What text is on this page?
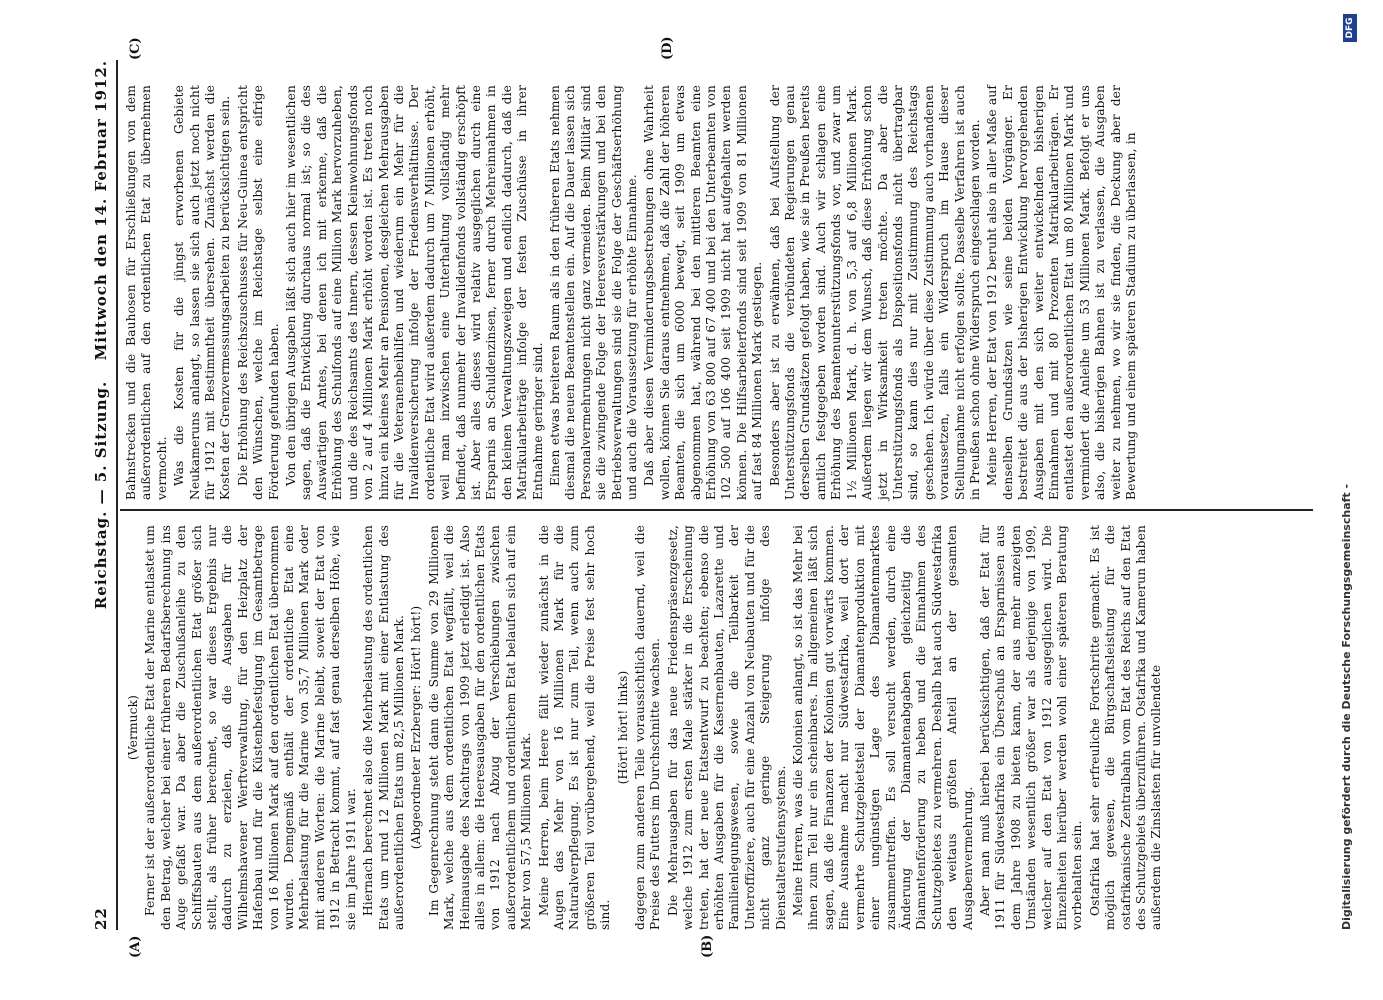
22
Reichstag. — 5. Sitzung.
Mittwoch den 14. Februar 1912.
(A)	(B)
(C)	(D)

(Vermuck) Ferner ist der außerordentliche Etat der Marine entlastet um den Betrag, welcher bei einer früheren Bedarfsberechnung ins Auge gefaßt war. Da aber die Zuschußanleihe zu den Schiffsbauten aus dem außerordentlichen Etat größer sich stellt, als früher berechnet, so war dieses Ergebnis nur dadurch zu erzielen, daß die Ausgaben für die Wilhelmshavener Werftverwaltung, für den Heizplatz der Hafenbau und für die Küstenbefestigung im Gesamtbetrage von 16 Millionen Mark auf den ordentlichen Etat übernommen wurden. Demgemäß enthält der ordentliche Etat eine Mehrbelastung für die Marine von 35,7 Millionen Mark oder mit anderen Worten: die Marine bleibt, soweit der Etat von 1912 in Betracht kommt, auf fast genau derselben Höhe, wie sie im Jahre 1911 war. Hiernach berechnet also die Mehrbelastung des ordentlichen Etats um rund 12 Millionen Mark mit einer Entlastung des außerordentlichen Etats um 82,5 Millionen Mark. (Abgeordneter Erzberger: Hört! hört!) Im Gegenrechnung steht dann die Summe von 29 Millionen Mark, welche aus dem ordentlichen Etat wegfällt, weil die Heimausgabe des Nachtrags von 1909 jetzt erledigt ist. Also alles in allem: die Heeresausgaben für den ordentlichen Etats von 1912 nach Abzug der Verschiebungen zwischen außerordentlichem und ordentlichem Etat belaufen sich auf ein Mehr von 57,5 Millionen Mark. Meine Herren, beim Heere fällt wieder zunächst in die Augen das Mehr von 16 Millionen Mark für die Naturalverpflegung. Es ist nur zum Teil, wenn auch zum größeren Teil vorübergehend, weil die Preise fest sehr hoch sind.

(Hört! hört! links) dagegen zum anderen Teile voraussichtlich dauernd, weil die Preise des Futters im Durchschnitte wachsen. Die Mehrausgaben für das neue Friedenspräsenzgesetz, welche 1912 zum ersten Male stärker in die Erscheinung treten, hat der neue Etatsentwurf zu beachten; ebenso die erhöhten Ausgaben für die Kasernenbauten, Lazarette und Familienlegungswesen, sowie die Teilbarkeit der Unteroffiziere, auch für eine Anzahl von Neubauten und für die nicht ganz geringe Steigerung infolge des Dienstalterstufensystems. Meine Herren, was die Kolonien anlangt, so ist das Mehr bei ihnen zum Teil nur ein scheinbares. Im allgemeinen läßt sich sagen, daß die Finanzen der Kolonien gut vorwärts kommen. Eine Ausnahme macht nur Südwestafrika, weil dort der vermehrte Schutzgebietsteil der Diamantenproduktion mit einer ungünstigen Lage des Diamantenmarktes zusammentreffen. Es soll versucht werden, durch eine Änderung der Diamantenabgaben gleichzeitig die Diamantenförderung zu heben und die Einnahmen des Schutzgebietes zu vermehren. Deshalb hat auch Südwestafrika den weitaus größten Anteil an der gesamten Ausgabenvermehrung. Aber man muß hierbei berücksichtigen, daß der Etat für 1911 für Südwestafrika ein Überschuß an Ersparnissen aus dem Jahre 1908 zu bieten kann, der aus mehr anzeigten Umständen wesentlich größer war als derjenige von 1909, welcher auf den Etat von 1912 ausgeglichen wird. Die Einzelheiten hierüber werden wohl einer späteren Beratung vorbehalten sein. Ostafrika hat sehr erfreuliche Fortschritte gemacht. Es ist möglich gewesen, die Bürgschaftsleistung für die ostafrikanische Zentralbahn vom Etat des Reichs auf den Etat des Schutzgebiets überzuführen. Ostafrika und Kamerun haben außerdem die Zinslasten für unvollendete

Bahnstrecken und die Bauhosen für Erschließungen von dem außerordentlichen auf den ordentlichen Etat zu übernehmen vermocht. Was die Kosten für die jüngst erworbenen Gebiete Neukameruns anlangt, so lassen sie sich auch jetzt noch nicht für 1912 mit Bestimmtheit übersehen. Zunächst werden die Kosten der Grenzvermessungsarbeiten zu berücksichtigen sein. Die Erhöhung des Reichszuschusses für Neu-Guinea entspricht den Wünschen, welche im Reichstage selbst eine eifrige Förderung gefunden haben. Von den übrigen Ausgaben läßt sich auch hier im wesentlichen sagen, daß die Entwicklung durchaus normal ist; so die des Auswärtigen Amtes, bei denen ich mit erkenne, daß die Erhöhung des Schulfonds auf eine Million Mark hervorzuheben, und die des Reichsamts des Innern, dessen Kleinwohnungsfonds von 2 auf 4 Millionen Mark erhöht worden ist. Es treten noch hinzu ein kleines Mehr an Pensionen, desgleichen Mehrausgaben für die Veteranenbeihilfen und wiederum ein Mehr für die Invalidenversicherung infolge der Friedensverhältnisse. Der ordentliche Etat wird außerdem dadurch um 7 Millionen erhöht, weil man inzwischen eine Unterhaltung vollständig mehr befindet, daß nunmehr der Invalidenfonds vollständig erschöpft ist. Aber alles dieses wird relativ ausgeglichen durch eine Ersparnis an Schuldenzinsen, ferner durch Mehreinnahmen in den kleinen Verwaltungszweigen und endlich dadurch, daß die Matrikularbeiträge infolge der festen Zuschüsse in ihrer Entnahme geringer sind. Einen etwas breiteren Raum als in den früheren Etats nehmen diesmal die neuen Beamtenstellen ein. Auf die Dauer lassen sich Personalvermehrungen nicht ganz vermeiden. Beim Militär sind sie die zwingende Folge der Heeresverstärkungen und bei den Betriebsverwaltungen sind sie die Folge der Geschäftserhöhung und auch die Voraussetzung für erhöhte Einnahme. Daß aber diesen Verminderungsbestrebungen ohne Wahrheit wollen, können Sie daraus entnehmen, daß die Zahl der höheren Beamten, die sich um 6000 bewegt, seit 1909 um etwas abgenommen hat, während bei den mittleren Beamten eine Erhöhung von 63 800 auf 67 400 und bei den Unterbeamten von 102 500 auf 106 400 seit 1909 nicht hat aufgehalten werden können. Die Hilfsarbeiterfonds sind seit 1909 von 81 Millionen auf fast 84 Millionen Mark gestiegen. Besonders aber ist zu erwähnen, daß bei Aufstellung der Unterstützungsfonds die verbündeten Regierungen genau derselben Grundsätzen gefolgt haben, wie sie in Preußen bereits amtlich festgegeben worden sind. Auch wir schlagen eine Erhöhung des Beamtenunterstützungsfonds vor, und zwar um 1½ Millionen Mark, d. h. von 5,3 auf 6,8 Millionen Mark. Außerdem liegen wir dem Wunsch, daß diese Erhöhung schon jetzt in Wirksamkeit treten möchte. Da aber die Unterstützungsfonds als Dispositionsfonds nicht übertragbar sind, so kann dies nur mit Zustimmung des Reichstags geschehen. Ich würde über diese Zustimmung auch vorhandenen voraussetzen, falls ein Widerspruch im Hause dieser Stellungnahme nicht erfolgen sollte. Dasselbe Verfahren ist auch in Preußen schon ohne Widerspruch eingeschlagen worden. Meine Herren, der Etat von 1912 beruht also in aller Maße auf denselben Grundsätzen wie seine beiden Vorgänger. Er bestreitet die aus der bisherigen Entwicklung hervorgehenden Ausgaben mit den sich weiter entwickelnden bisherigen Einnahmen und mit 80 Prozenten Matrikularbeiträgen. Er entlastet den außerordentlichen Etat um 80 Millionen Mark und vermindert die Anleihe um 53 Millionen Mark. Befolgt er uns also, die bisherigen Bahnen ist zu verlassen, die Ausgaben weiter zu nehmen, wo wir sie finden, die Deckung aber der Bewertung und einem späteren Stadium zu überlassen, in

Digitalisierung gefördert durch die Deutsche Forschungsgemeinschaft -
DFG
